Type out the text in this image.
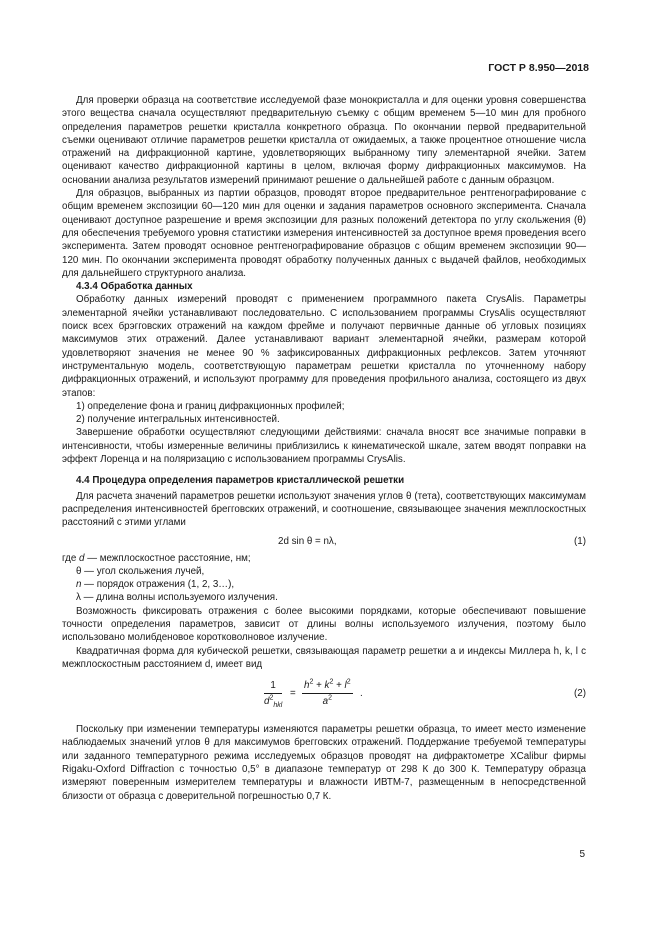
ГОСТ Р 8.950—2018

Для проверки образца на соответствие исследуемой фазе монокристалла и для оценки уровня совершенства этого вещества сначала осуществляют предварительную съемку с общим временем 5—10 мин для пробного определения параметров решетки кристалла конкретного образца. По окончании первой предварительной съемки оценивают отличие параметров решетки кристалла от ожидаемых, а также процентное отношение числа отражений на дифракционной картине, удовлетворяющих выбранному типу элементарной ячейки. Затем оценивают качество дифракционной картины в целом, включая форму дифракционных максимумов. На основании анализа результатов измерений принимают решение о дальнейшей работе с данным образцом.

Для образцов, выбранных из партии образцов, проводят второе предварительное рентгенографирование с общим временем экспозиции 60—120 мин для оценки и задания параметров основного эксперимента. Сначала оценивают доступное разрешение и время экспозиции для разных положений детектора по углу скольжения (θ) для обеспечения требуемого уровня статистики измерения интенсивностей за доступное время проведения всего эксперимента. Затем проводят основное рентгенографирование образцов с общим временем экспозиции 90—120 мин. По окончании эксперимента проводят обработку полученных данных с выдачей файлов, необходимых для дальнейшего структурного анализа.

4.3.4 Обработка данных

Обработку данных измерений проводят с применением программного пакета CrysAlis. Параметры элементарной ячейки устанавливают последовательно. С использованием программы CrysAlis осуществляют поиск всех брэгговских отражений на каждом фрейме и получают первичные данные об угловых позициях максимумов этих отражений. Далее устанавливают вариант элементарной ячейки, размерам которой удовлетворяют значения не менее 90 % зафиксированных дифракционных рефлексов. Затем уточняют инструментальную модель, соответствующую параметрам решетки кристалла по уточненному набору дифракционных отражений, и используют программу для проведения профильного анализа, состоящего из двух этапов:

1) определение фона и границ дифракционных профилей;

2) получение интегральных интенсивностей.

Завершение обработки осуществляют следующими действиями: сначала вносят все значимые поправки в интенсивности, чтобы измеренные величины приблизились к кинематической шкале, затем вводят поправки на эффект Лоренца и на поляризацию с использованием программы CrysAlis.

4.4 Процедура определения параметров кристаллической решетки

Для расчета значений параметров решетки используют значения углов θ (тета), соответствующих максимумам распределения интенсивностей брегговских отражений, и соотношение, связывающее значения межплоскостных расстояний с этими углами

2d sin θ = nλ,	(1)

где d — межплоскостное расстояние, нм;

θ — угол скольжения лучей,

n — порядок отражения (1, 2, 3…),

λ — длина волны используемого излучения.

Возможность фиксировать отражения с более высокими порядками, которые обеспечивают повышение точности определения параметров, зависит от длины волны используемого излучения, поэтому было использовано молибденовое коротковолновое излучение.

Квадратичная форма для кубической решетки, связывающая параметр решетки a и индексы Миллера h, k, l с межплоскостным расстоянием d, имеет вид

1
$d^2_{hkl}$
= $\frac{h^2 + k^2 + l^2}{a^2}$ .	(2)

Поскольку при изменении температуры изменяются параметры решетки образца, то имеет место изменение наблюдаемых значений углов θ для максимумов брегговских отражений. Поддержание требуемой температуры или заданного температурного режима исследуемых образцов проводят на дифрактометре XCalibur фирмы Rigaku-Oxford Diffraction с точностью 0,5° в диапазоне температур от 298 К до 300 К. Температуру образца измеряют поверенным измерителем температуры и влажности ИВТМ-7, размещенным в непосредственной близости от образца с доверительной погрешностью 0,7 К.

5
